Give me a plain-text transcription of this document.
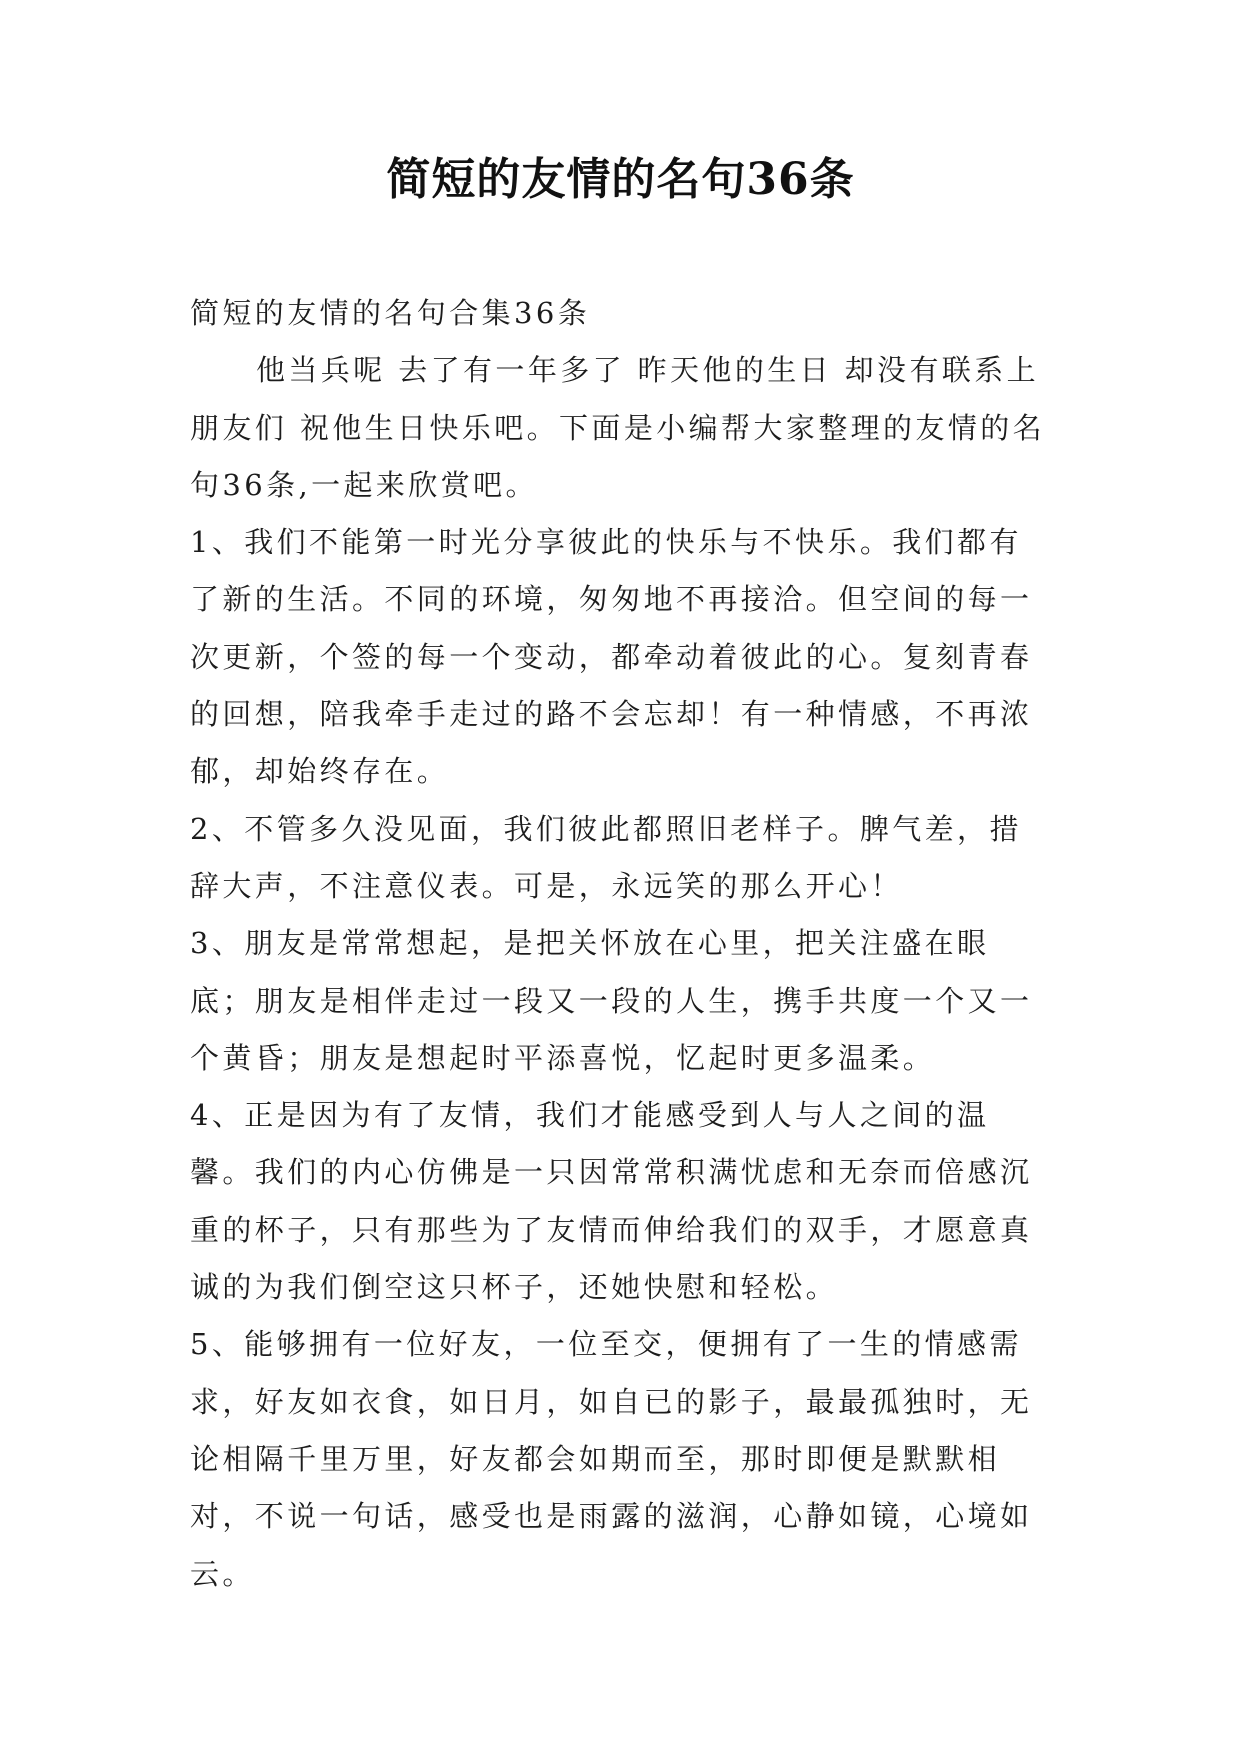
简短的友情的名句36条

简短的友情的名句合集36条

他当兵呢 去了有一年多了 昨天他的生日 却没有联系上 朋友们 祝他生日快乐吧。下面是小编帮大家整理的友情的名句36条,一起来欣赏吧。

1、我们不能第一时光分享彼此的快乐与不快乐。我们都有了新的生活。不同的环境，匆匆地不再接洽。但空间的每一次更新，个签的每一个变动，都牵动着彼此的心。复刻青春的回想，陪我牵手走过的路不会忘却！有一种情感，不再浓郁，却始终存在。

2、不管多久没见面，我们彼此都照旧老样子。脾气差，措辞大声，不注意仪表。可是，永远笑的那么开心！

3、朋友是常常想起，是把关怀放在心里，把关注盛在眼底；朋友是相伴走过一段又一段的人生，携手共度一个又一个黄昏；朋友是想起时平添喜悦，忆起时更多温柔。

4、正是因为有了友情，我们才能感受到人与人之间的温馨。我们的内心仿佛是一只因常常积满忧虑和无奈而倍感沉重的杯子，只有那些为了友情而伸给我们的双手，才愿意真诚的为我们倒空这只杯子，还她快慰和轻松。

5、能够拥有一位好友，一位至交，便拥有了一生的情感需求，好友如衣食，如日月，如自已的影子，最最孤独时，无论相隔千里万里，好友都会如期而至，那时即便是默默相对，不说一句话，感受也是雨露的滋润，心静如镜，心境如云。
